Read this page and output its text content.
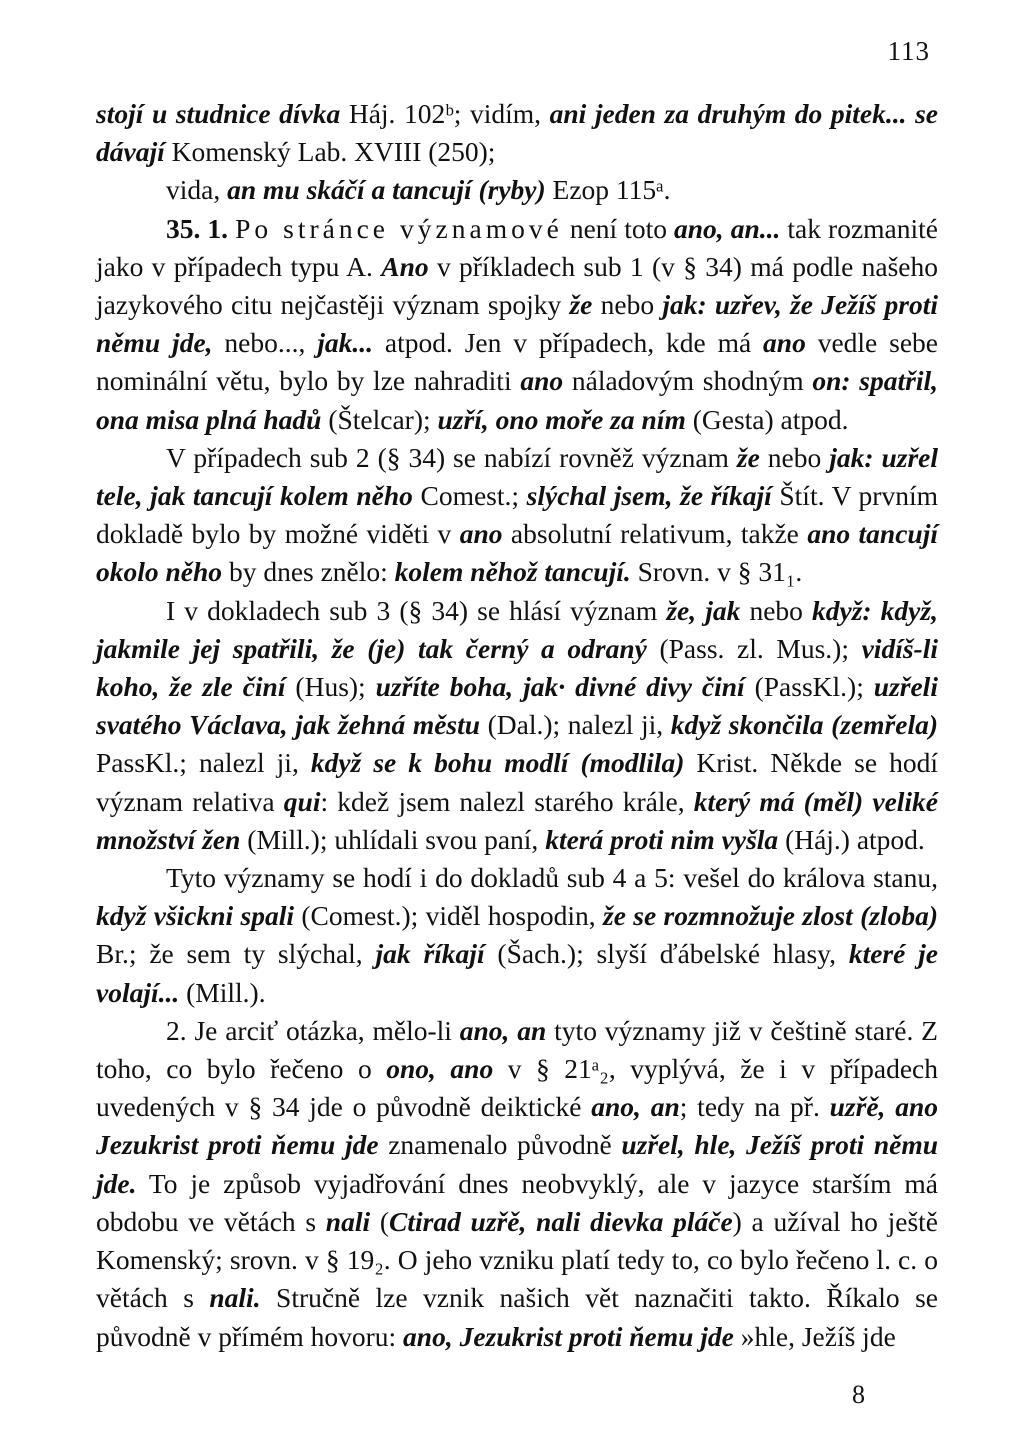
113

stojí u studnice dívka Háj. 102ᵇ; vidím, ani jeden za druhým do pitek... se dávají Komenský Lab. XVIII (250);

vida, an mu skáčí a tancují (ryby) Ezop 115ᵃ.

35. 1. Po stránce významové není toto ano, an... tak rozmanité jako v případech typu A. Ano v příkladech sub 1 (v § 34) má podle našeho jazykového citu nejčastěji význam spojky že nebo jak: uzřev, že Ježíš proti němu jde, nebo..., jak... atpod. Jen v případech, kde má ano vedle sebe nominální větu, bylo by lze nahraditi ano náladovým shodným on: spatřil, ona misa plná hadů (Štelcar); uzří, ono moře za ním (Gesta) atpod.

V případech sub 2 (§ 34) se nabízí rovněž význam že nebo jak: uzřel tele, jak tancují kolem něho Comest.; slýchal jsem, že říkají Štít. V prvním dokladě bylo by možné viděti v ano absolutní relativum, takže ano tancují okolo něho by dnes znělo: kolem něhož tancují. Srovn. v § 31₁.

I v dokladech sub 3 (§ 34) se hlásí význam že, jak nebo když: když, jakmile jej spatřili, že (je) tak černý a odraný (Pass. zl. Mus.); vidíš-li koho, že zle činí (Hus); uzříte boha, jak· divné divy činí (PassKl.); uzřeli svatého Václava, jak žehná městu (Dal.); nalezl ji, když skončila (zemřela) PassKl.; nalezl ji, když se k bohu modlí (modlila) Krist. Někde se hodí význam relativa qui: kdež jsem nalezl starého krále, který má (měl) veliké množství žen (Mill.); uhlídali svou paní, která proti nim vyšla (Háj.) atpod.

Tyto významy se hodí i do dokladů sub 4 a 5: vešel do králova stanu, když všickni spali (Comest.); viděl hospodin, že se rozmnožuje zlost (zloba) Br.; že sem ty slýchal, jak říkají (Šach.); slyší ďábelské hlasy, které je volají... (Mill.).

2. Je arciť otázka, mělo-li ano, an tyto významy již v češtině staré. Z toho, co bylo řečeno o ono, ano v § 21ᵃ₂, vyplývá, že i v případech uvedených v § 34 jde o původně deiktické ano, an; tedy na př. uzřě, ano Jezukrist proti ňemu jde znamenalo původně uzřel, hle, Ježíš proti němu jde. To je způsob vyjadřování dnes neobvyklý, ale v jazyce starším má obdobu ve větách s nali (Ctirad uzřě, nali dievka pláče) a užíval ho ještě Komenský; srovn. v § 19₂. O jeho vzniku platí tedy to, co bylo řečeno l. c. o větách s nali. Stručně lze vznik našich vět naznačiti takto. Říkalo se původně v přímém hovoru: ano, Jezukrist proti ňemu jde »hle, Ježíš jde

8
